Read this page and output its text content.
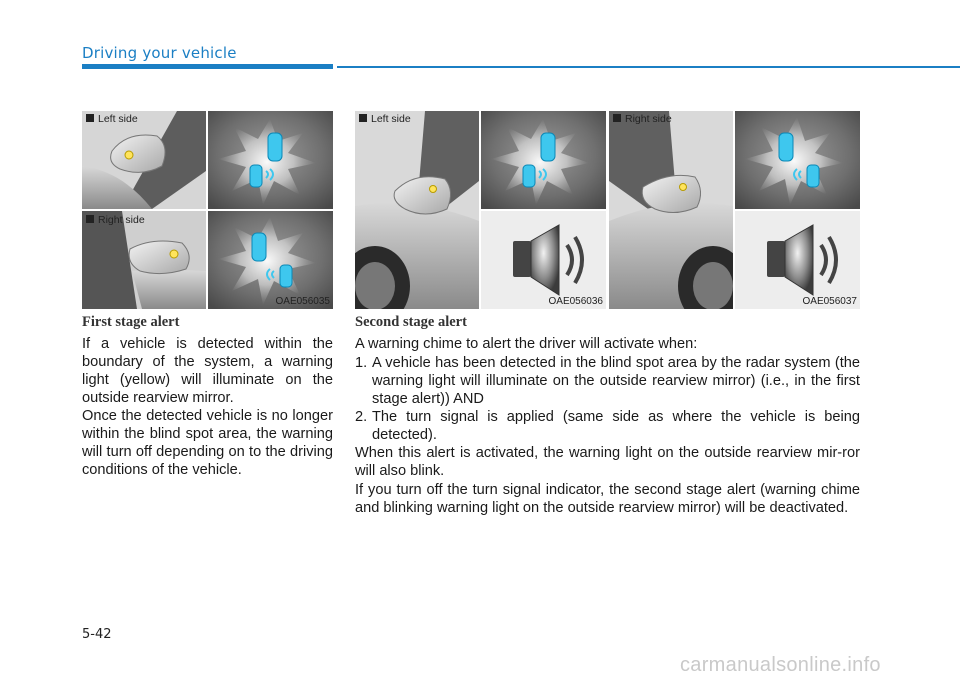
Driving your vehicle
Left side
Right side
OAE056035
Left side
OAE056036
Right side
OAE056037
First stage alert

If a vehicle is detected within the boundary of the system, a warning light (yellow) will illuminate on the outside rearview mirror.

Once the detected vehicle is no longer within the blind spot area, the warning will turn off depending on to the driving conditions of the vehicle.

Second stage alert

A warning chime to alert the driver will activate when:

1. A vehicle has been detected in the blind spot area by the radar system (the warning light will illuminate on the outside rearview mirror) (i.e., in the first stage alert)) AND
2. The turn signal is applied (same side as where the vehicle is being detected).

When this alert is activated, the warning light on the outside rearview mir-ror will also blink.

If you turn off the turn signal indicator, the second stage alert (warning chime and blinking warning light on the outside rearview mirror) will be deactivated.

5-42
carmanualsonline.info
